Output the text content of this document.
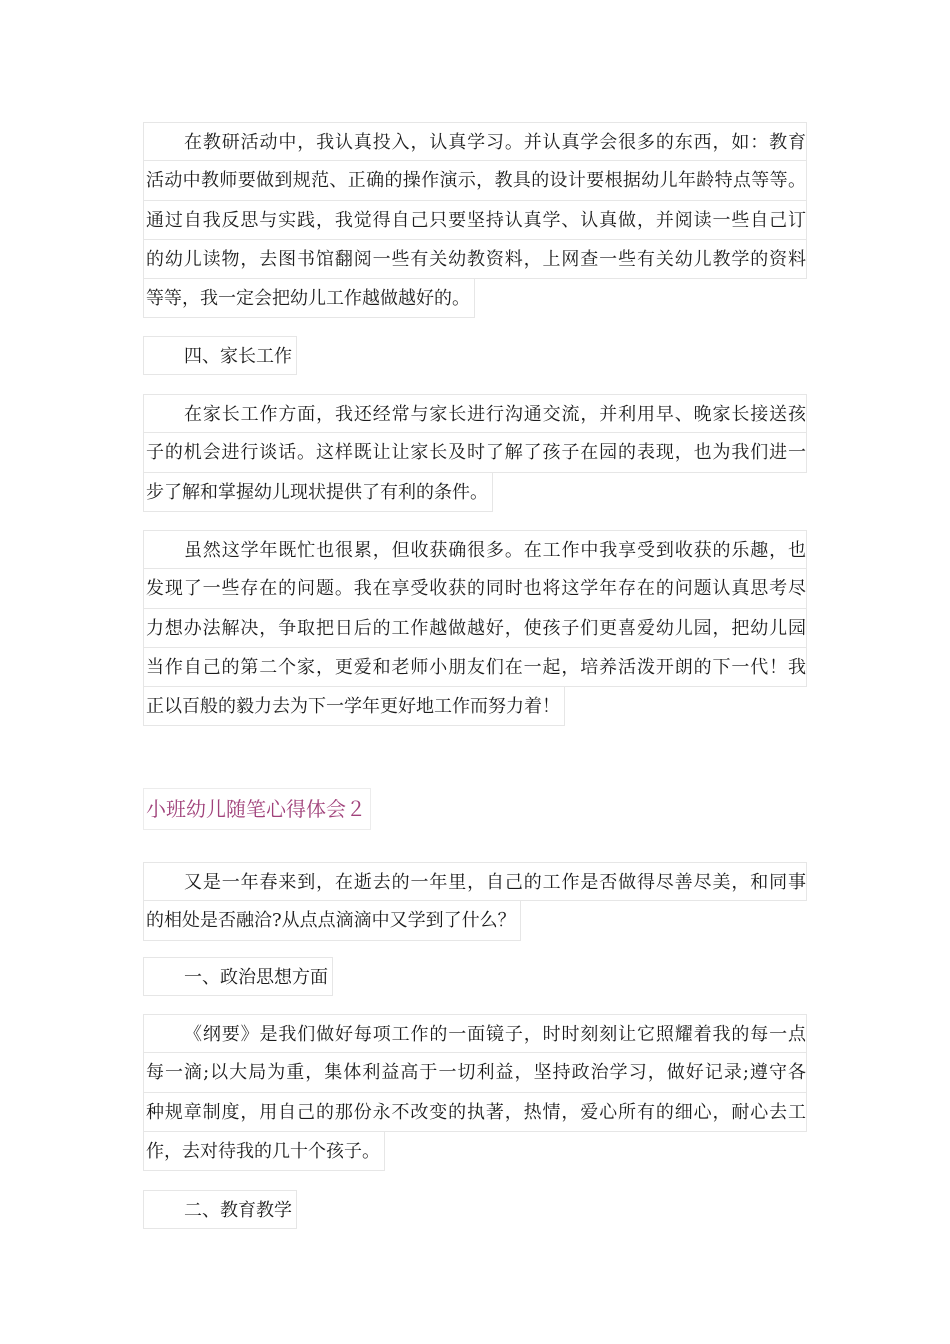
在教研活动中，我认真投入，认真学习。并认真学会很多的东西，如：教育
活动中教师要做到规范、正确的操作演示，教具的设计要根据幼儿年龄特点等等。
通过自我反思与实践，我觉得自己只要坚持认真学、认真做，并阅读一些自己订
的幼儿读物，去图书馆翻阅一些有关幼教资料，上网查一些有关幼儿教学的资料
等等，我一定会把幼儿工作越做越好的。
四、家长工作
在家长工作方面，我还经常与家长进行沟通交流，并利用早、晚家长接送孩
子的机会进行谈话。这样既让让家长及时了解了孩子在园的表现，也为我们进一
步了解和掌握幼儿现状提供了有利的条件。
虽然这学年既忙也很累，但收获确很多。在工作中我享受到收获的乐趣，也
发现了一些存在的问题。我在享受收获的同时也将这学年存在的问题认真思考尽
力想办法解决，争取把日后的工作越做越好，使孩子们更喜爱幼儿园，把幼儿园
当作自己的第二个家，更爱和老师小朋友们在一起，培养活泼开朗的下一代！我
正以百般的毅力去为下一学年更好地工作而努力着！
小班幼儿随笔心得体会２
又是一年春来到，在逝去的一年里，自己的工作是否做得尽善尽美，和同事
的相处是否融洽?从点点滴滴中又学到了什么？
一、政治思想方面
《纲要》是我们做好每项工作的一面镜子，时时刻刻让它照耀着我的每一点
每一滴;以大局为重，集体利益高于一切利益，坚持政治学习，做好记录;遵守各
种规章制度，用自己的那份永不改变的执著，热情，爱心所有的细心，耐心去工
作，去对待我的几十个孩子。
二、教育教学
